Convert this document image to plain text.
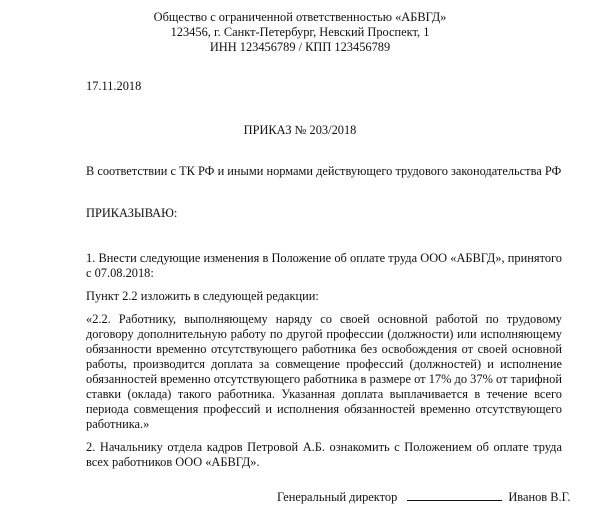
Общество с ограниченной ответственностью «АБВГД»
123456, г. Санкт-Петербург, Невский Проспект, 1
ИНН 123456789 / КПП 123456789
17.11.2018
ПРИКАЗ № 203/2018
В соответствии с ТК РФ и иными нормами действующего трудового законодательства РФ
ПРИКАЗЫВАЮ:
1. Внести следующие изменения в Положение об оплате труда ООО «АБВГД», принятого
с 07.08.2018:
Пункт 2.2 изложить в следующей редакции:
«2.2. Работнику, выполняющему наряду со своей основной работой по трудовому
договору дополнительную работу по другой профессии (должности) или исполняющему
обязанности временно отсутствующего работника без освобождения от своей основной
работы, производится доплата за совмещение профессий (должностей) и исполнение
обязанностей временно отсутствующего работника в размере от 17% до 37% от тарифной
ставки (оклада) такого работника. Указанная доплата выплачивается в течение всего
периода совмещения профессий и исполнения обязанностей временно отсутствующего
работника.»
2. Начальнику отдела кадров Петровой А.Б. ознакомить с Положением об оплате труда
всех работников ООО «АБВГД».
Генеральный директор	Иванов В.Г.
